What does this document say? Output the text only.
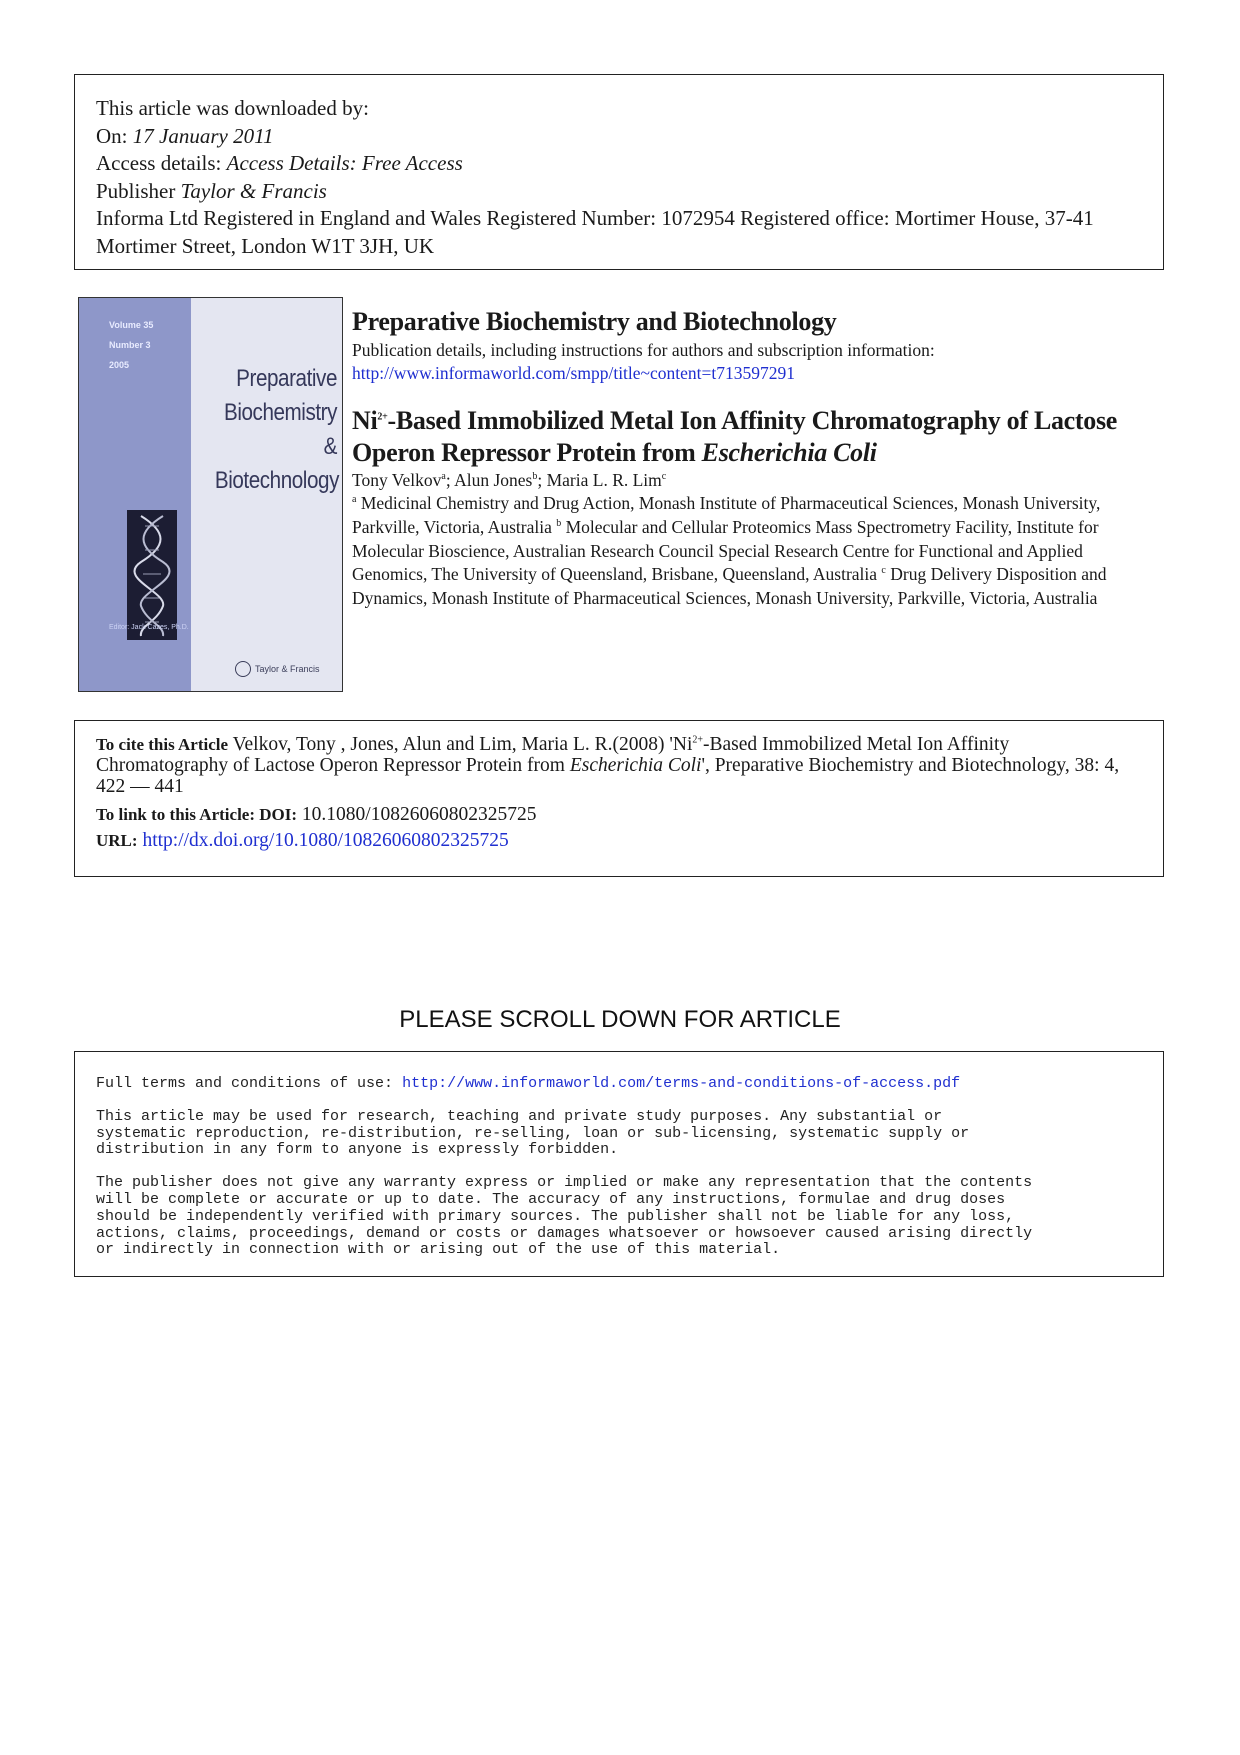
This article was downloaded by:
On: 17 January 2011
Access details: Access Details: Free Access
Publisher Taylor & Francis
Informa Ltd Registered in England and Wales Registered Number: 1072954 Registered office: Mortimer House, 37-41 Mortimer Street, London W1T 3JH, UK
Volume 35
Number 3
2005	Preparative
Biochemistry &
Biotechnology
Editor: Jack Cazes, Ph.D.
Taylor & Francis
Preparative Biochemistry and Biotechnology

Publication details, including instructions for authors and subscription information:

http://www.informaworld.com/smpp/title~content=t713597291

$Ni^{2+}$-Based Immobilized Metal Ion Affinity Chromatography of Lactose Operon Repressor Protein from Escherichia Coli

Tony Velkov$^a$; Alun Jones$^b$; Maria L. R. Lim$^c$

$^a$ Medicinal Chemistry and Drug Action, Monash Institute of Pharmaceutical Sciences, Monash University, Parkville, Victoria, Australia $^b$ Molecular and Cellular Proteomics Mass Spectrometry Facility, Institute for Molecular Bioscience, Australian Research Council Special Research Centre for Functional and Applied Genomics, The University of Queensland, Brisbane, Queensland, Australia $^c$ Drug Delivery Disposition and Dynamics, Monash Institute of Pharmaceutical Sciences, Monash University, Parkville, Victoria, Australia

To cite this Article Velkov, Tony , Jones, Alun and Lim, Maria L. R.(2008) '$Ni^{2+}$-Based Immobilized Metal Ion Affinity Chromatography of Lactose Operon Repressor Protein from Escherichia Coli', Preparative Biochemistry and Biotechnology, 38: 4, 422 — 441

To link to this Article: DOI: 10.1080/10826060802325725

URL: http://dx.doi.org/10.1080/10826060802325725

PLEASE SCROLL DOWN FOR ARTICLE

Full terms and conditions of use: http://www.informaworld.com/terms-and-conditions-of-access.pdf

This article may be used for research, teaching and private study purposes. Any substantial or
systematic reproduction, re-distribution, re-selling, loan or sub-licensing, systematic supply or
distribution in any form to anyone is expressly forbidden.

The publisher does not give any warranty express or implied or make any representation that the contents
will be complete or accurate or up to date. The accuracy of any instructions, formulae and drug doses
should be independently verified with primary sources. The publisher shall not be liable for any loss,
actions, claims, proceedings, demand or costs or damages whatsoever or howsoever caused arising directly
or indirectly in connection with or arising out of the use of this material.
